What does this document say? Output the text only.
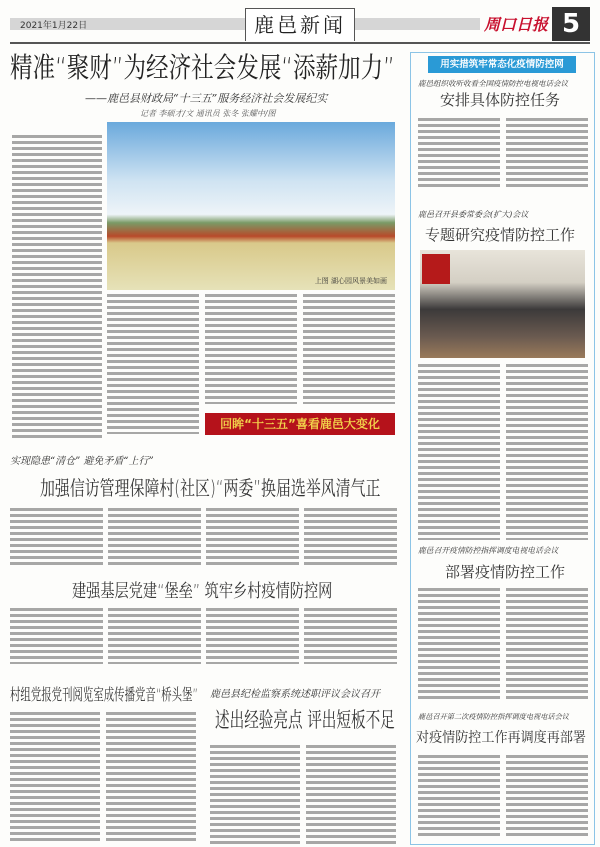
2021年1月22日	鹿邑新闻	周口日报 5
精准“聚财”为经济社会发展“添薪加力”
——鹿邑县财政局“十三五”服务经济社会发展纪实
记者 李硕才/文 通讯员 张冬 张耀中/图
上图 湖心园风景美如画
回眸“十三五”喜看鹿邑大变化
实现隐患“清仓” 避免矛盾“上行”
加强信访管理保障村(社区)“两委”换届选举风清气正
建强基层党建“堡垒” 筑牢乡村疫情防控网
村组党报党刊阅览室成传播党音“桥头堡” 鹿邑县纪检监察系统述职评议会议召开
述出经验亮点 评出短板不足
用实措筑牢常态化疫情防控网
鹿邑组织收听收看全国疫情防控电视电话会议
安排具体防控任务
鹿邑召开县委常委会(扩大)会议
专题研究疫情防控工作
鹿邑召开疫情防控指挥调度电视电话会议
部署疫情防控工作
鹿邑召开第二次疫情防控指挥调度电视电话会议
对疫情防控工作再调度再部署
